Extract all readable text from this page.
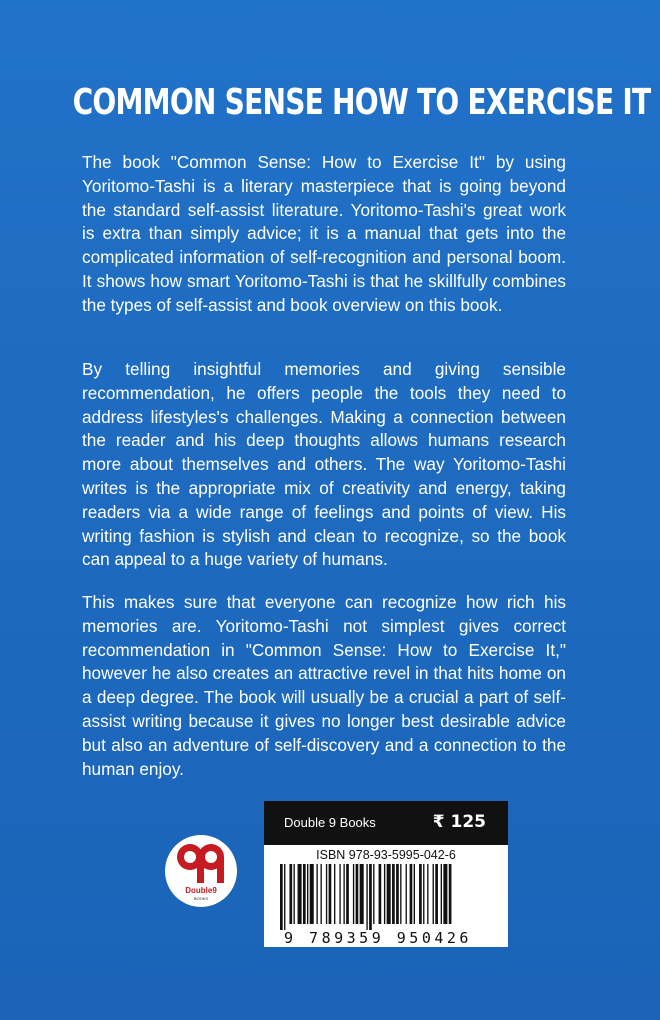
COMMON SENSE HOW TO EXERCISE IT

The book "Common Sense: How to Exercise It" by using Yoritomo-Tashi is a literary masterpiece that is going beyond the standard self-assist literature. Yoritomo-Tashi's great work is extra than simply advice; it is a manual that gets into the complicated information of self-recognition and personal boom. It shows how smart Yoritomo-Tashi is that he skillfully combines the types of self-assist and book overview on this book.

By telling insightful memories and giving sensible recommendation, he offers people the tools they need to address lifestyles's challenges. Making a connection between the reader and his deep thoughts allows humans research more about themselves and others. The way Yoritomo-Tashi writes is the appropriate mix of creativity and energy, taking readers via a wide range of feelings and points of view. His writing fashion is stylish and clean to recognize, so the book can appeal to a huge variety of humans.

This makes sure that everyone can recognize how rich his memories are. Yoritomo-Tashi not simplest gives correct recommendation in "Common Sense: How to Exercise It," however he also creates an attractive revel in that hits home on a deep degree. The book will usually be a crucial a part of self-assist writing because it gives no longer best desirable advice but also an adventure of self-discovery and a connection to the human enjoy.

Double9
BOOKS
Double 9 Books	₹ 125
ISBN 978-93-5995-042-6
9 789359 950426
